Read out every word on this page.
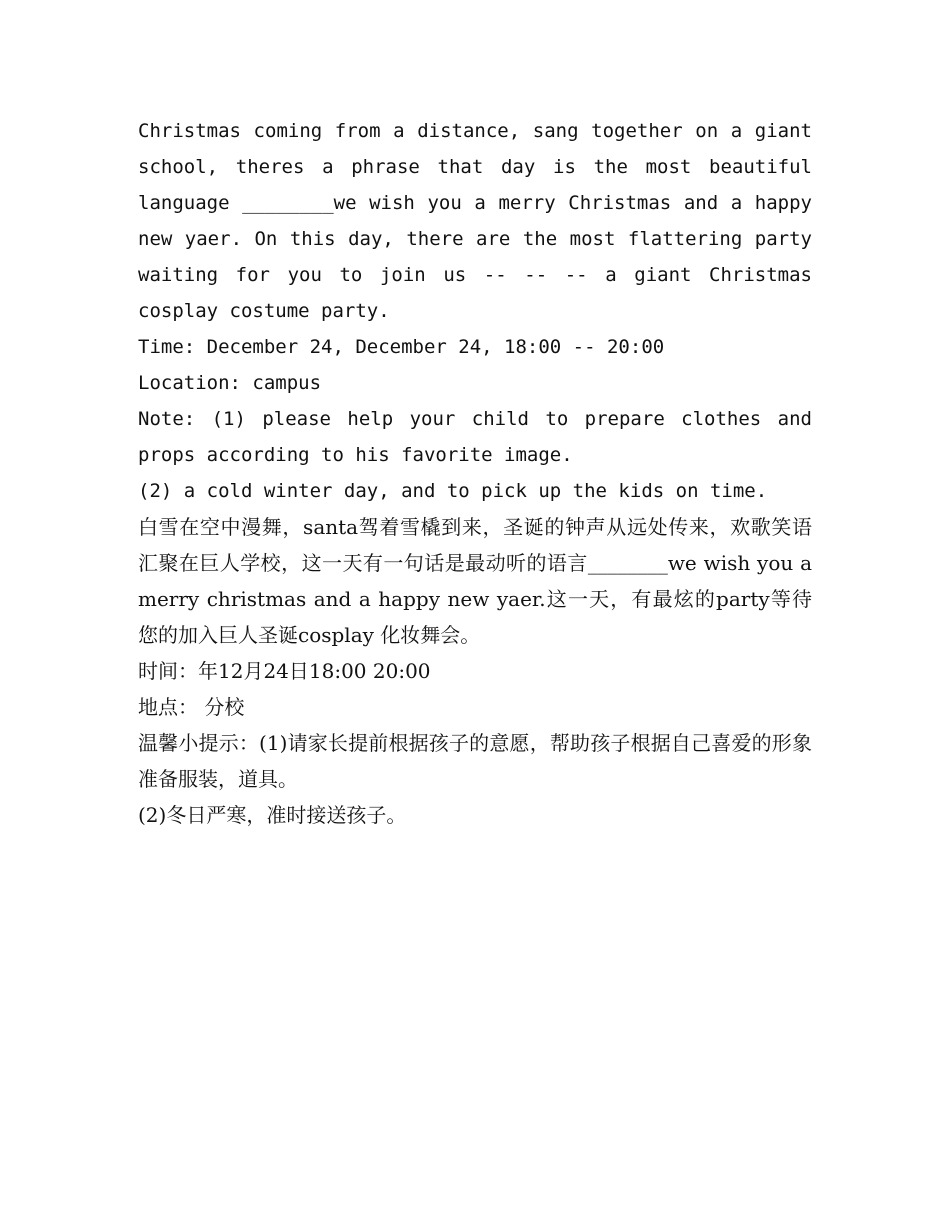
Christmas coming from a distance, sang together on a giant school, theres a phrase that day is the most beautiful language ________we wish you a merry Christmas and a happy new yaer. On this day, there are the most flattering party waiting for you to join us -- -- -- a giant Christmas cosplay costume party.

Time: December 24, December 24, 18:00 -- 20:00

Location: campus

Note: (1) please help your child to prepare clothes and props according to his favorite image.

(2) a cold winter day, and to pick up the kids on time.

白雪在空中漫舞，santa驾着雪橇到来，圣诞的钟声从远处传来，欢歌笑语汇聚在巨人学校，这一天有一句话是最动听的语言________we wish you a merry christmas and a happy new yaer.这一天，有最炫的party等待您的加入巨人圣诞cosplay 化妆舞会。

时间：年12月24日18:00 20:00

地点： 分校

温馨小提示：(1)请家长提前根据孩子的意愿，帮助孩子根据自己喜爱的形象准备服装，道具。

(2)冬日严寒，准时接送孩子。
